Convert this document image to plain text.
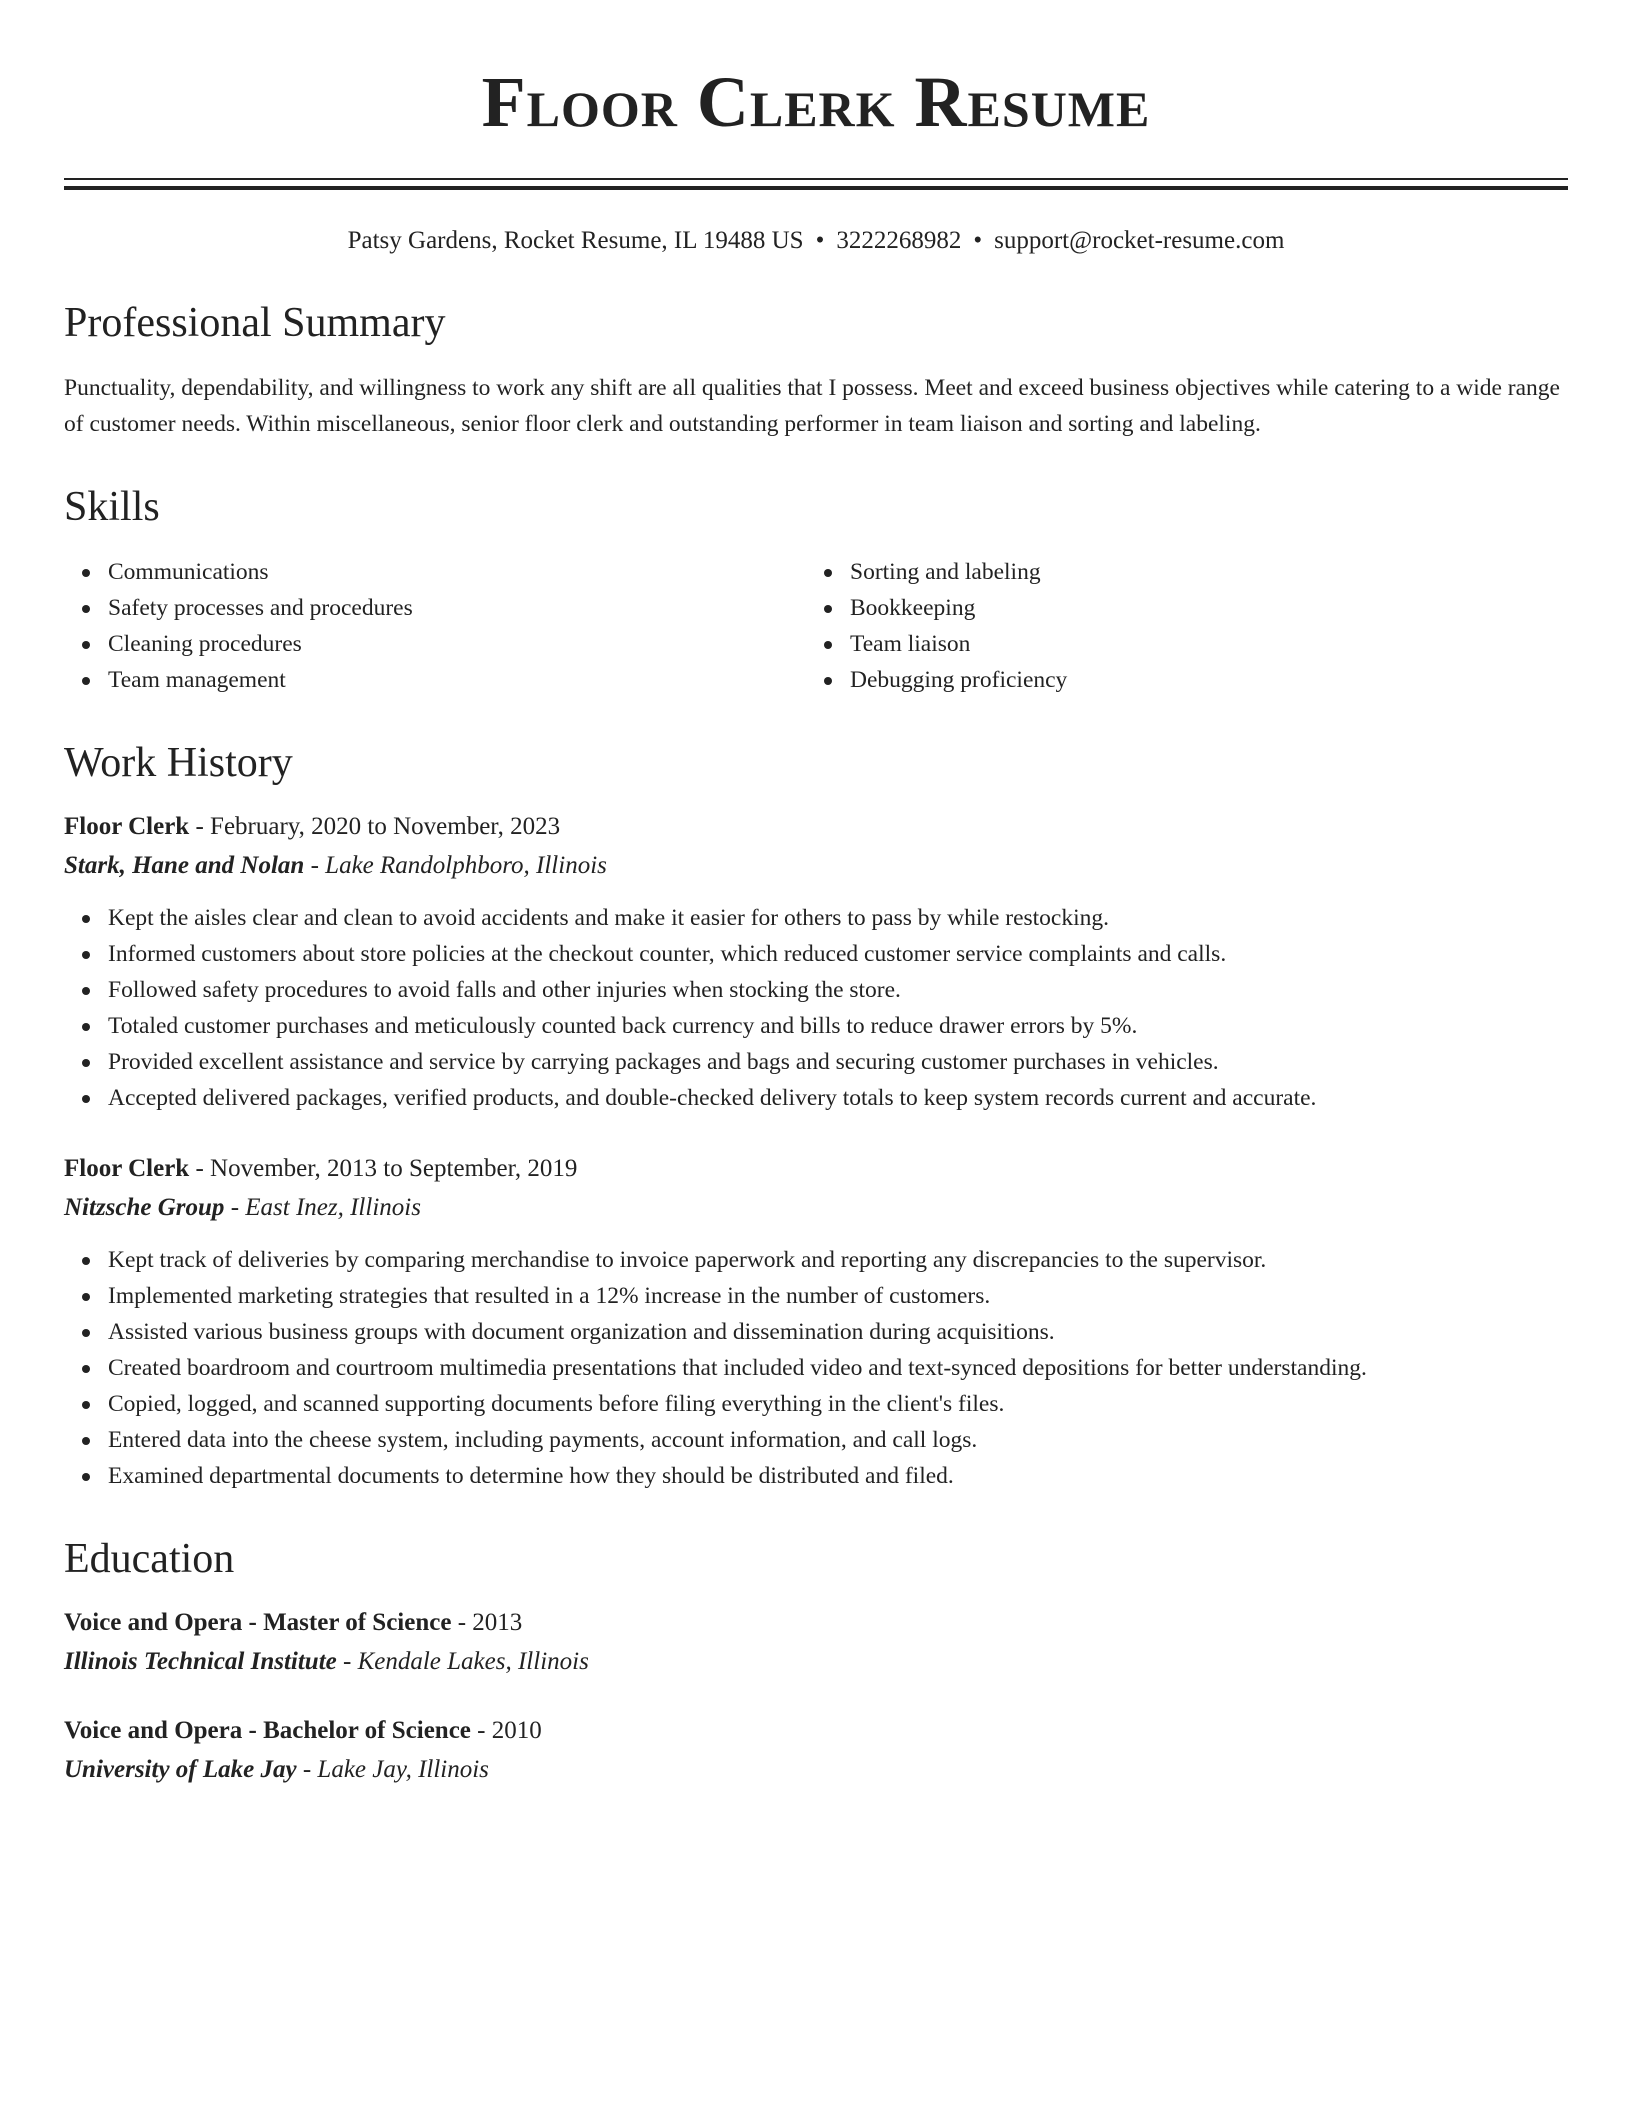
Floor Clerk Resume
Patsy Gardens, Rocket Resume, IL 19488 US • 3222268982 • support@rocket-resume.com
Professional Summary
Punctuality, dependability, and willingness to work any shift are all qualities that I possess. Meet and exceed business objectives while catering to a wide range of customer needs. Within miscellaneous, senior floor clerk and outstanding performer in team liaison and sorting and labeling.
Skills
Communications
Safety processes and procedures
Cleaning procedures
Team management
Sorting and labeling
Bookkeeping
Team liaison
Debugging proficiency
Work History
Floor Clerk - February, 2020 to November, 2023
Stark, Hane and Nolan - Lake Randolphboro, Illinois
Kept the aisles clear and clean to avoid accidents and make it easier for others to pass by while restocking.
Informed customers about store policies at the checkout counter, which reduced customer service complaints and calls.
Followed safety procedures to avoid falls and other injuries when stocking the store.
Totaled customer purchases and meticulously counted back currency and bills to reduce drawer errors by 5%.
Provided excellent assistance and service by carrying packages and bags and securing customer purchases in vehicles.
Accepted delivered packages, verified products, and double-checked delivery totals to keep system records current and accurate.
Floor Clerk - November, 2013 to September, 2019
Nitzsche Group - East Inez, Illinois
Kept track of deliveries by comparing merchandise to invoice paperwork and reporting any discrepancies to the supervisor.
Implemented marketing strategies that resulted in a 12% increase in the number of customers.
Assisted various business groups with document organization and dissemination during acquisitions.
Created boardroom and courtroom multimedia presentations that included video and text-synced depositions for better understanding.
Copied, logged, and scanned supporting documents before filing everything in the client's files.
Entered data into the cheese system, including payments, account information, and call logs.
Examined departmental documents to determine how they should be distributed and filed.
Education
Voice and Opera - Master of Science - 2013
Illinois Technical Institute - Kendale Lakes, Illinois
Voice and Opera - Bachelor of Science - 2010
University of Lake Jay - Lake Jay, Illinois
